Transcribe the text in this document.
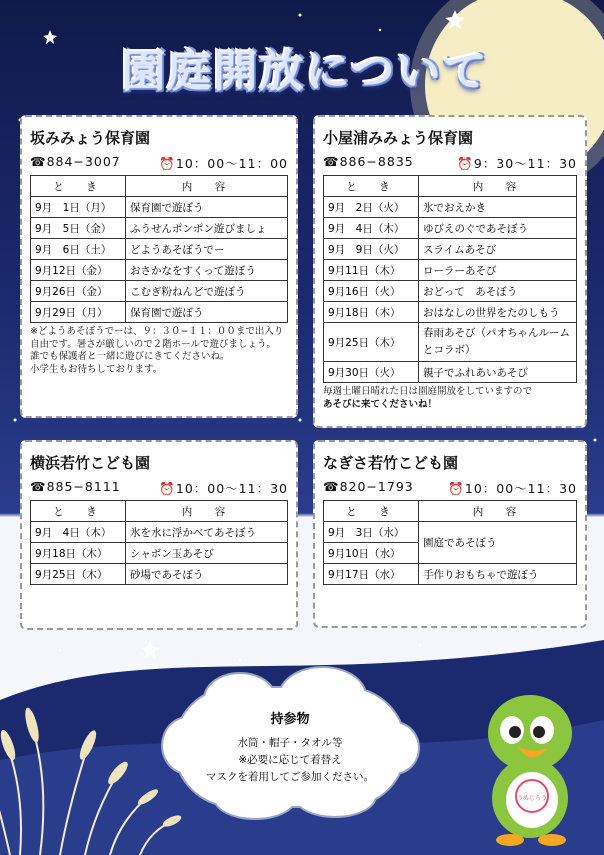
園庭開放について
坂みみょう保育園
☎884−3007	⏰10：00～11：00
と　き	内　容
9月　1日（月）	保育園で遊ぼう
9月　5日（金）	ふうせんポンポン遊びましょ
9月　6日（土）	どようあそぼうでー
9月12日（金）	おさかなをすくって遊ぼう
9月26日（金）	こむぎ粉ねんどで遊ぼう
9月29日（月）	保育園で遊ぼう
※どようあそぼうでーは、９：３０−１１：００まで出入り自由です。暑さが厳しいので２階ホールで遊びましょう。
誰でも保護者と一緒に遊びにきてくださいね。
小学生もお待ちしております。
小屋浦みみょう保育園
☎886−8835	⏰9：30～11：30
と　き	内　容
9月　2日（火）	氷でおえかき
9月　4日（木）	ゆびえのぐであそぼう
9月　9日（火）	スライムあそび
9月11日（木）	ローラーあそび
9月16日（火）	おどって　あそぼう
9月18日（木）	おはなしの世界をたのしもう
9月25日（木）	春雨あそび（パオちゃんルームとコラボ）
9月30日（火）	親子でふれあいあそび
毎週土曜日晴れた日は園庭開放をしていますので
あそびに来てくださいね！
横浜若竹こども園
☎885−8111	⏰10：00～11：30
と　き	内　容
9月　4日（木）	氷を水に浮かべてあそぼう
9月18日（木）	シャボン玉あそび
9月25日（木）	砂場であそぼう
なぎさ若竹こども園
☎820−1793	⏰10：00～11：30
と　き	内　容
9月　3日（水）	園庭であそぼう
9月10日（水）	
9月17日（水）	手作りおもちゃで遊ぼう
持参物
水筒・帽子・タオル等
※必要に応じて着替え
マスクを着用してご参加ください。
うめじろう
